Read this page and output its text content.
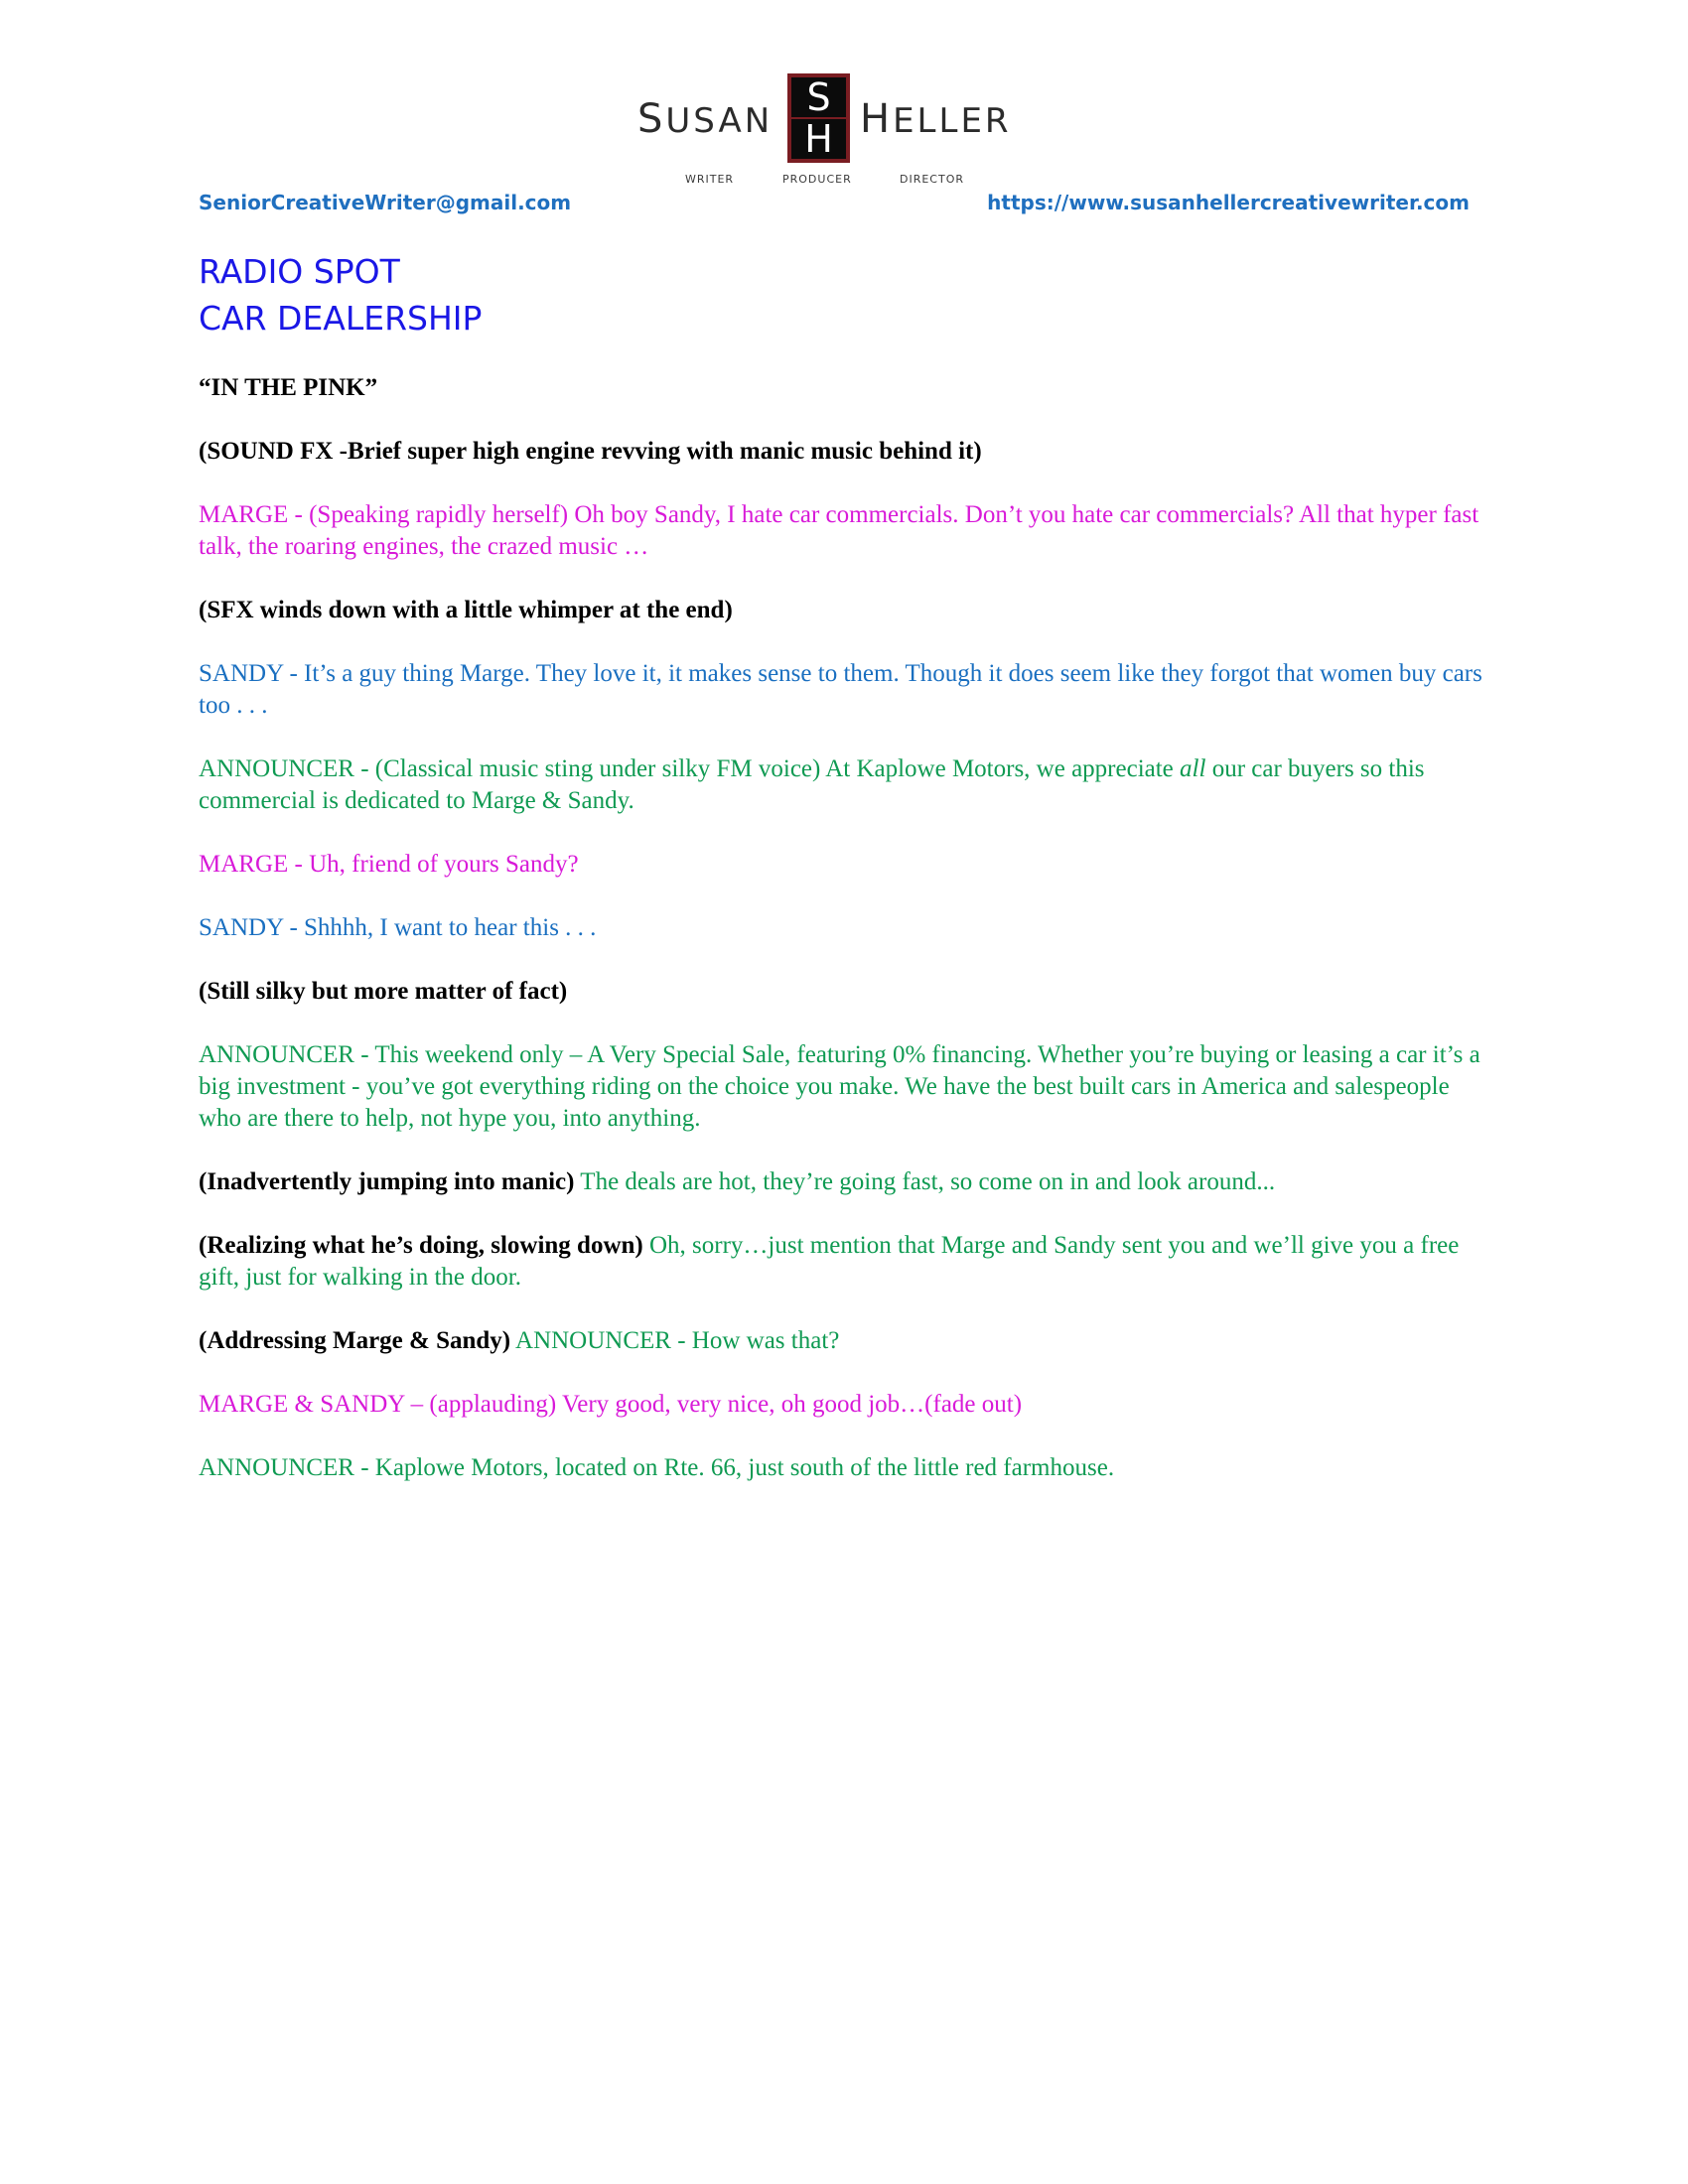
SUSAN
S
H HELLER
WRITER	PRODUCER	DIRECTOR
SeniorCreativeWriter@gmail.com	https://www.susanhellercreativewriter.com
RADIO SPOT
CAR DEALERSHIP

“IN THE PINK”

(SOUND FX -Brief super high engine revving with manic music behind it)

MARGE - (Speaking rapidly herself) Oh boy Sandy, I hate car commercials. Don’t you hate car commercials? All that hyper fast talk, the roaring engines, the crazed music …

(SFX winds down with a little whimper at the end)

SANDY - It’s a guy thing Marge. They love it, it makes sense to them. Though it does seem like they forgot that women buy cars too . . .

ANNOUNCER - (Classical music sting under silky FM voice) At Kaplowe Motors, we appreciate all our car buyers so this commercial is dedicated to Marge & Sandy.

MARGE - Uh, friend of yours Sandy?

SANDY - Shhhh, I want to hear this . . .

(Still silky but more matter of fact)

ANNOUNCER - This weekend only – A Very Special Sale, featuring 0% financing. Whether you’re buying or leasing a car it’s a big investment - you’ve got everything riding on the choice you make. We have the best built cars in America and salespeople who are there to help, not hype you, into anything.

(Inadvertently jumping into manic) The deals are hot, they’re going fast, so come on in and look around...

(Realizing what he’s doing, slowing down) Oh, sorry…just mention that Marge and Sandy sent you and we’ll give you a free gift, just for walking in the door.

(Addressing Marge & Sandy) ANNOUNCER - How was that?

MARGE & SANDY – (applauding) Very good, very nice, oh good job…(fade out)

ANNOUNCER - Kaplowe Motors, located on Rte. 66, just south of the little red farmhouse.
